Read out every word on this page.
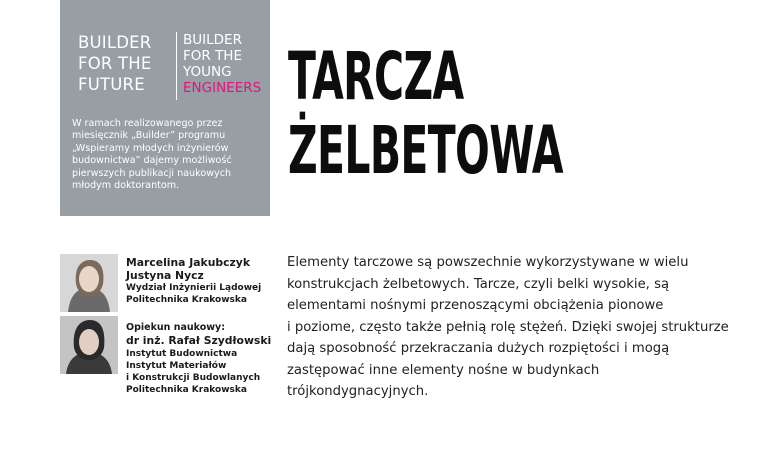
BUILDER
FOR THE
FUTURE
BUILDER
FOR THE
YOUNG
ENGINEERS
W ramach realizowanego przez
miesięcznik „Builder” programu
„Wspieramy młodych inżynierów
budownictwa” dajemy możliwość
pierwszych publikacji naukowych
młodym doktorantom.
TARCZA
ŻELBETOWA
Marcelina Jakubczyk
Justyna Nycz
Wydział Inżynierii Lądowej
Politechnika Krakowska
Opiekun naukowy:
dr inż. Rafał Szydłowski
Instytut Budownictwa
Instytut Materiałów
i Konstrukcji Budowlanych
Politechnika Krakowska
Elementy tarczowe są powszechnie wykorzystywane w wielu
konstrukcjach żelbetowych. Tarcze, czyli belki wysokie, są
elementami nośnymi przenoszącymi obciążenia pionowe
i poziome, często także pełnią rolę stężeń. Dzięki swojej strukturze
dają sposobność przekraczania dużych rozpiętości i mogą
zastępować inne elementy nośne w budynkach
trójkondygnacyjnych.
